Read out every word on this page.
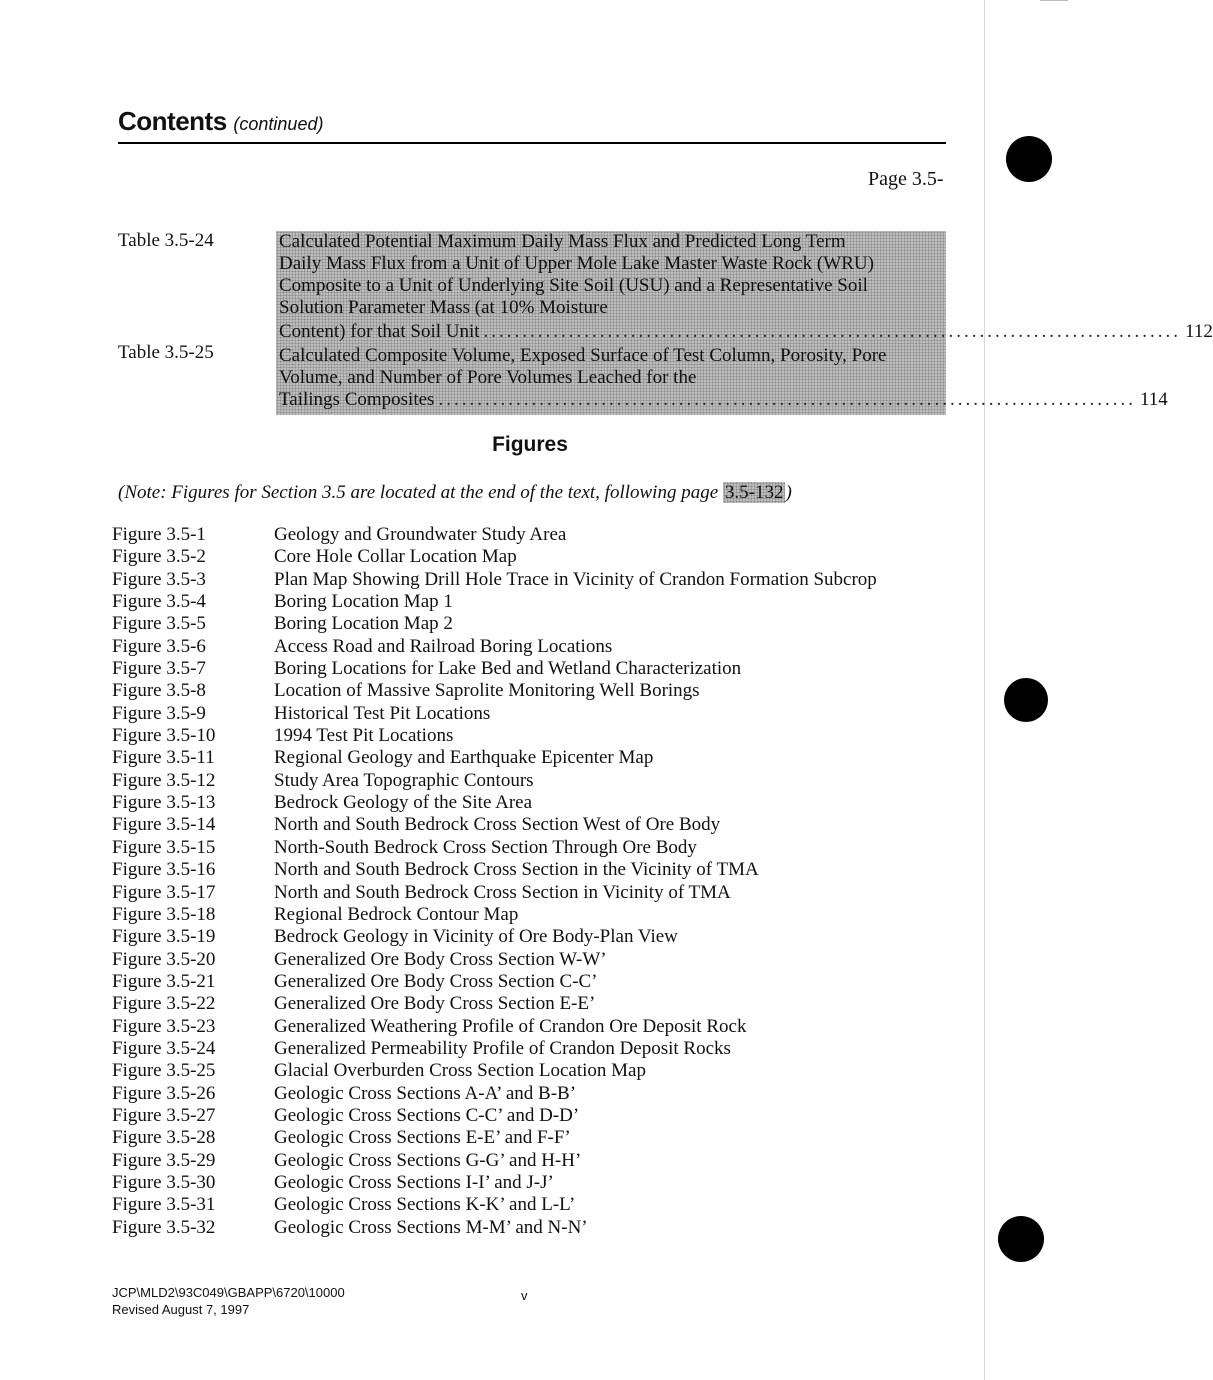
Contents (continued)
Page 3.5-
Table 3.5-24	Calculated Potential Maximum Daily Mass Flux and Predicted Long Term Daily Mass Flux from a Unit of Upper Mole Lake Master Waste Rock (WRU) Composite to a Unit of Underlying Site Soil (USU) and a Representative Soil Solution Parameter Mass (at 10% Moisture
Content) for that Soil Unit .......................................................................................... 112
Table 3.5-25	Calculated Composite Volume, Exposed Surface of Test Column, Porosity, Pore Volume, and Number of Pore Volumes Leached for the
Tailings Composites .......................................................................................... 114
Figures
(Note: Figures for Section 3.5 are located at the end of the text, following page 3.5-132 )
Figure 3.5-1	Geology and Groundwater Study Area
Figure 3.5-2	Core Hole Collar Location Map
Figure 3.5-3	Plan Map Showing Drill Hole Trace in Vicinity of Crandon Formation Subcrop
Figure 3.5-4	Boring Location Map 1
Figure 3.5-5	Boring Location Map 2
Figure 3.5-6	Access Road and Railroad Boring Locations
Figure 3.5-7	Boring Locations for Lake Bed and Wetland Characterization
Figure 3.5-8	Location of Massive Saprolite Monitoring Well Borings
Figure 3.5-9	Historical Test Pit Locations
Figure 3.5-10	1994 Test Pit Locations
Figure 3.5-11	Regional Geology and Earthquake Epicenter Map
Figure 3.5-12	Study Area Topographic Contours
Figure 3.5-13	Bedrock Geology of the Site Area
Figure 3.5-14	North and South Bedrock Cross Section West of Ore Body
Figure 3.5-15	North-South Bedrock Cross Section Through Ore Body
Figure 3.5-16	North and South Bedrock Cross Section in the Vicinity of TMA
Figure 3.5-17	North and South Bedrock Cross Section in Vicinity of TMA
Figure 3.5-18	Regional Bedrock Contour Map
Figure 3.5-19	Bedrock Geology in Vicinity of Ore Body-Plan View
Figure 3.5-20	Generalized Ore Body Cross Section W-W’
Figure 3.5-21	Generalized Ore Body Cross Section C-C’
Figure 3.5-22	Generalized Ore Body Cross Section E-E’
Figure 3.5-23	Generalized Weathering Profile of Crandon Ore Deposit Rock
Figure 3.5-24	Generalized Permeability Profile of Crandon Deposit Rocks
Figure 3.5-25	Glacial Overburden Cross Section Location Map
Figure 3.5-26	Geologic Cross Sections A-A’ and B-B’
Figure 3.5-27	Geologic Cross Sections C-C’ and D-D’
Figure 3.5-28	Geologic Cross Sections E-E’ and F-F’
Figure 3.5-29	Geologic Cross Sections G-G’ and H-H’
Figure 3.5-30	Geologic Cross Sections I-I’ and J-J’
Figure 3.5-31	Geologic Cross Sections K-K’ and L-L’
Figure 3.5-32	Geologic Cross Sections M-M’ and N-N’
JCP\MLD2\93C049\GBAPP\6720\10000
Revised August 7, 1997
v
